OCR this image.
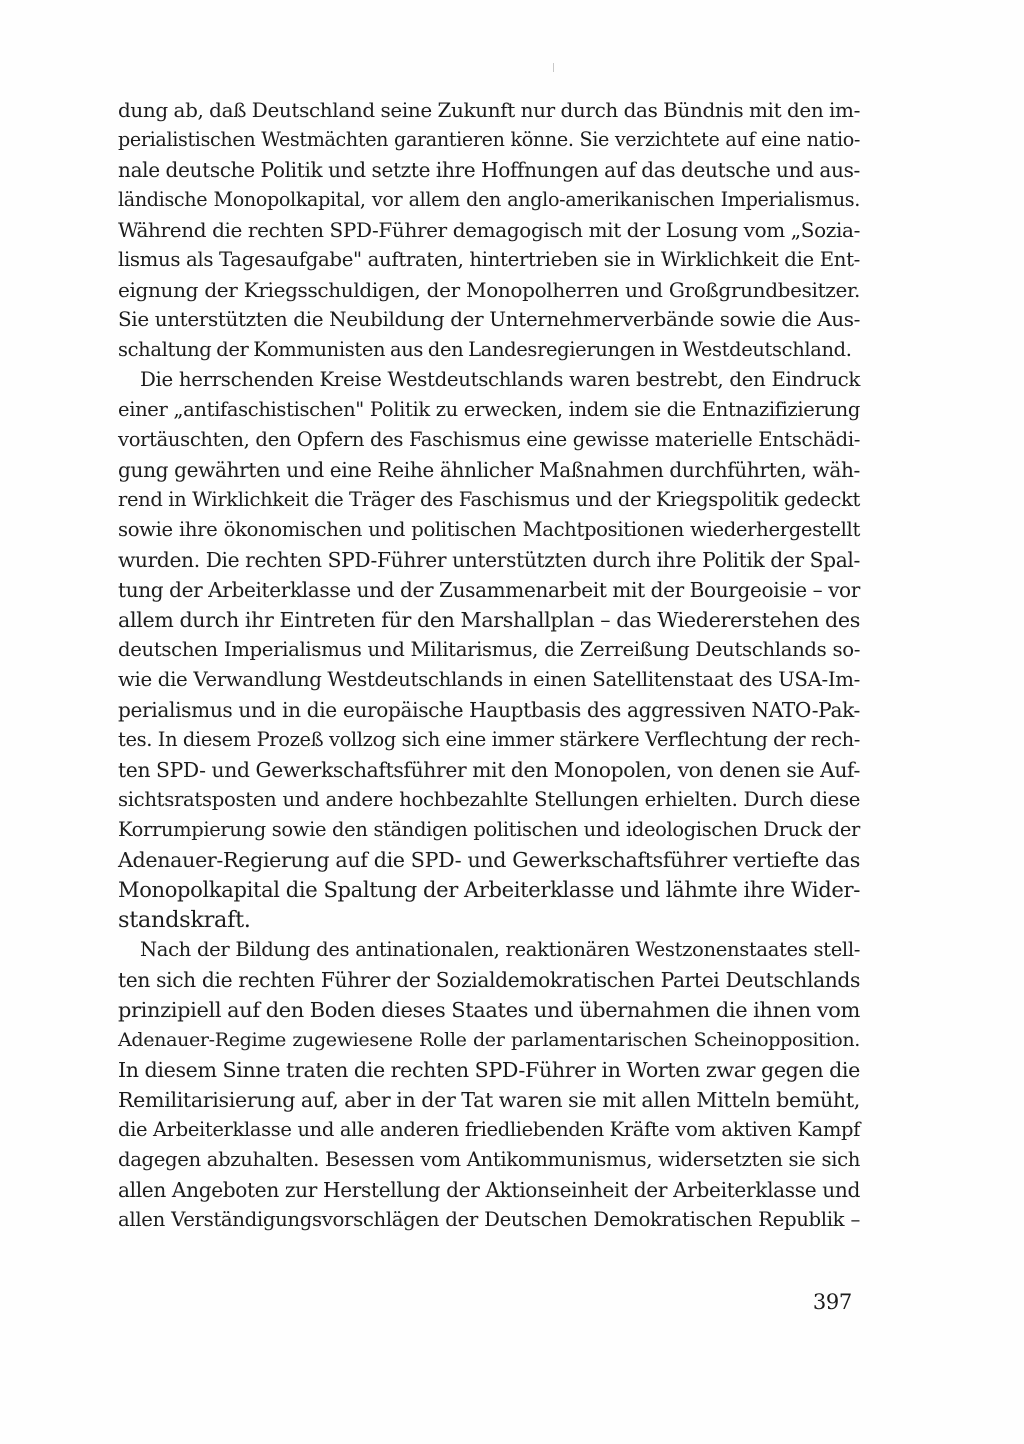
dung ab, daß Deutschland seine Zukunft nur durch das Bündnis mit den im-
perialistischen Westmächten garantieren könne. Sie verzichtete auf eine natio-
nale deutsche Politik und setzte ihre Hoffnungen auf das deutsche und aus-
ländische Monopolkapital, vor allem den anglo-amerikanischen Imperialismus.
Während die rechten SPD-Führer demagogisch mit der Losung vom „Sozia-
lismus als Tagesaufgabe" auftraten, hintertrieben sie in Wirklichkeit die Ent-
eignung der Kriegsschuldigen, der Monopolherren und Großgrundbesitzer.
Sie unterstützten die Neubildung der Unternehmerverbände sowie die Aus-
schaltung der Kommunisten aus den Landesregierungen in Westdeutschland.
Die herrschenden Kreise Westdeutschlands waren bestrebt, den Eindruck
einer „antifaschistischen" Politik zu erwecken, indem sie die Entnazifizierung
vortäuschten, den Opfern des Faschismus eine gewisse materielle Entschädi-
gung gewährten und eine Reihe ähnlicher Maßnahmen durchführten, wäh-
rend in Wirklichkeit die Träger des Faschismus und der Kriegspolitik gedeckt
sowie ihre ökonomischen und politischen Machtpositionen wiederhergestellt
wurden. Die rechten SPD-Führer unterstützten durch ihre Politik der Spal-
tung der Arbeiterklasse und der Zusammenarbeit mit der Bourgeoisie – vor
allem durch ihr Eintreten für den Marshallplan – das Wiedererstehen des
deutschen Imperialismus und Militarismus, die Zerreißung Deutschlands so-
wie die Verwandlung Westdeutschlands in einen Satellitenstaat des USA-Im-
perialismus und in die europäische Hauptbasis des aggressiven NATO-Pak-
tes. In diesem Prozeß vollzog sich eine immer stärkere Verflechtung der rech-
ten SPD- und Gewerkschaftsführer mit den Monopolen, von denen sie Auf-
sichtsratsposten und andere hochbezahlte Stellungen erhielten. Durch diese
Korrumpierung sowie den ständigen politischen und ideologischen Druck der
Adenauer-Regierung auf die SPD- und Gewerkschaftsführer vertiefte das
Monopolkapital die Spaltung der Arbeiterklasse und lähmte ihre Wider-
standskraft.
Nach der Bildung des antinationalen, reaktionären Westzonenstaates stell-
ten sich die rechten Führer der Sozialdemokratischen Partei Deutschlands
prinzipiell auf den Boden dieses Staates und übernahmen die ihnen vom
Adenauer-Regime zugewiesene Rolle der parlamentarischen Scheinopposition.
In diesem Sinne traten die rechten SPD-Führer in Worten zwar gegen die
Remilitarisierung auf, aber in der Tat waren sie mit allen Mitteln bemüht,
die Arbeiterklasse und alle anderen friedliebenden Kräfte vom aktiven Kampf
dagegen abzuhalten. Besessen vom Antikommunismus, widersetzten sie sich
allen Angeboten zur Herstellung der Aktionseinheit der Arbeiterklasse und
allen Verständigungsvorschlägen der Deutschen Demokratischen Republik –
397
